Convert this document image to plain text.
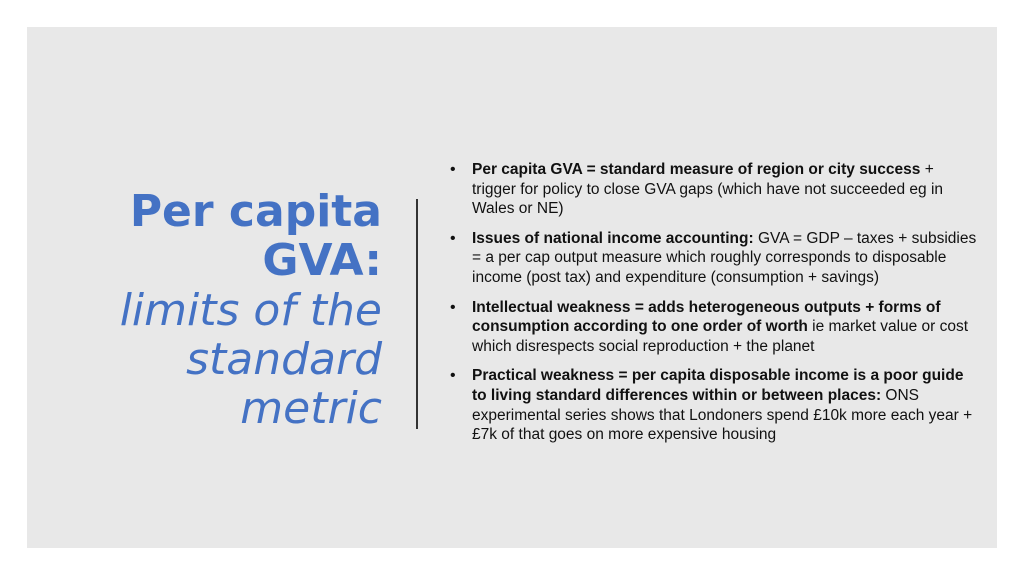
Per capita
GVA:
limits of the
standard
metric
• Per capita GVA = standard measure of region or city success + trigger for policy to close GVA gaps (which have not succeeded eg in Wales or NE)
• Issues of national income accounting: GVA = GDP – taxes + subsidies = a per cap output measure which roughly corresponds to disposable income (post tax) and expenditure (consumption + savings)
• Intellectual weakness = adds heterogeneous outputs + forms of consumption according to one order of worth ie market value or cost which disrespects social reproduction + the planet
• Practical weakness = per capita disposable income is a poor guide to living standard differences within or between places: ONS experimental series shows that Londoners spend £10k more each year + £7k of that goes on more expensive housing
